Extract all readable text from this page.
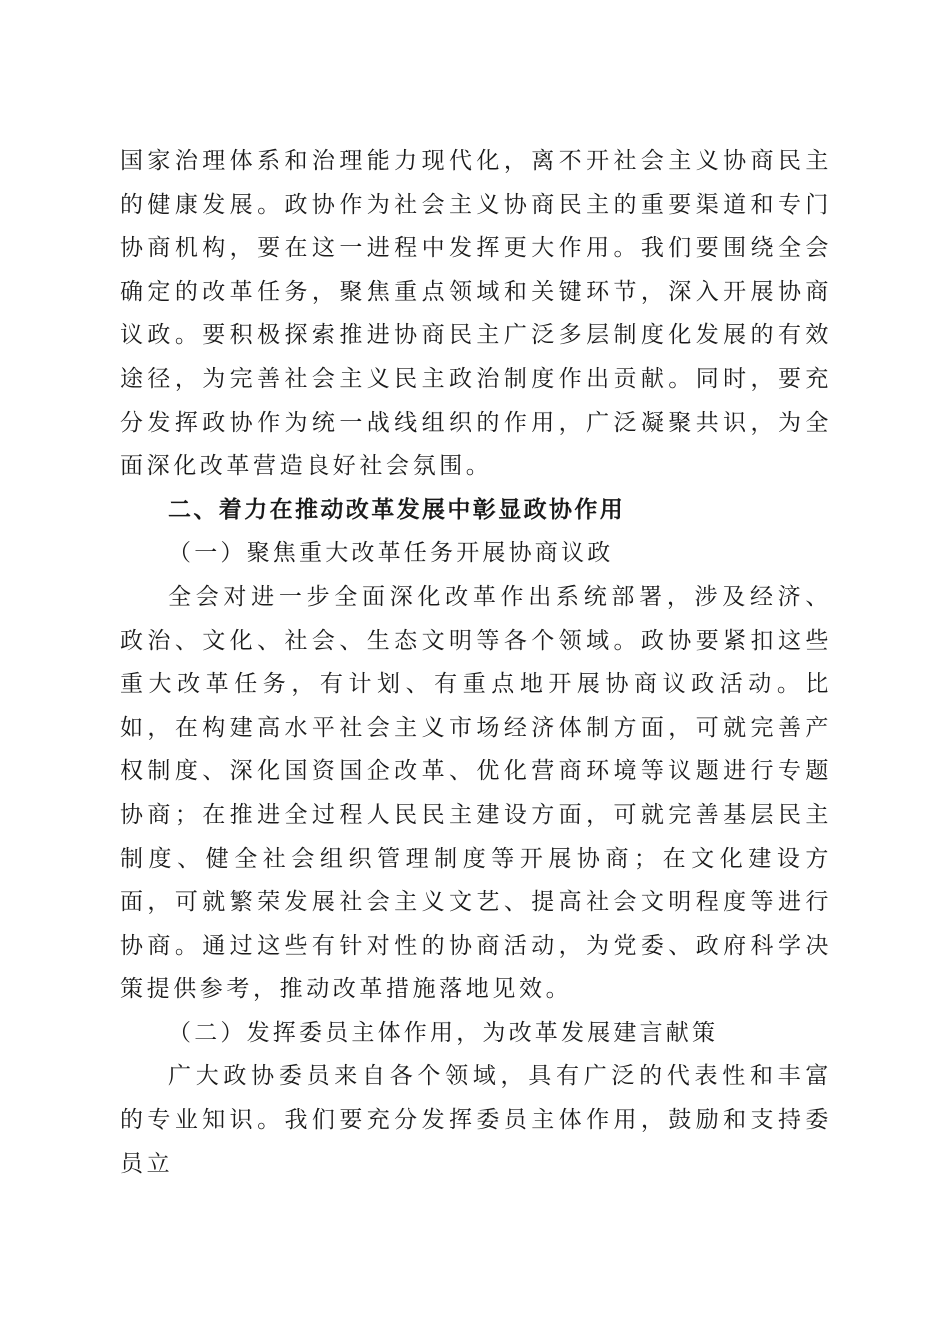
国家治理体系和治理能力现代化，离不开社会主义协商民主的健康发展。政协作为社会主义协商民主的重要渠道和专门协商机构，要在这一进程中发挥更大作用。我们要围绕全会确定的改革任务，聚焦重点领域和关键环节，深入开展协商议政。要积极探索推进协商民主广泛多层制度化发展的有效途径，为完善社会主义民主政治制度作出贡献。同时，要充分发挥政协作为统一战线组织的作用，广泛凝聚共识，为全面深化改革营造良好社会氛围。

二、着力在推动改革发展中彰显政协作用

（一）聚焦重大改革任务开展协商议政

全会对进一步全面深化改革作出系统部署，涉及经济、政治、文化、社会、生态文明等各个领域。政协要紧扣这些重大改革任务，有计划、有重点地开展协商议政活动。比如，在构建高水平社会主义市场经济体制方面，可就完善产权制度、深化国资国企改革、优化营商环境等议题进行专题协商；在推进全过程人民民主建设方面，可就完善基层民主制度、健全社会组织管理制度等开展协商；在文化建设方面，可就繁荣发展社会主义文艺、提高社会文明程度等进行协商。通过这些有针对性的协商活动，为党委、政府科学决策提供参考，推动改革措施落地见效。

（二）发挥委员主体作用，为改革发展建言献策

广大政协委员来自各个领域，具有广泛的代表性和丰富的专业知识。我们要充分发挥委员主体作用，鼓励和支持委员立
